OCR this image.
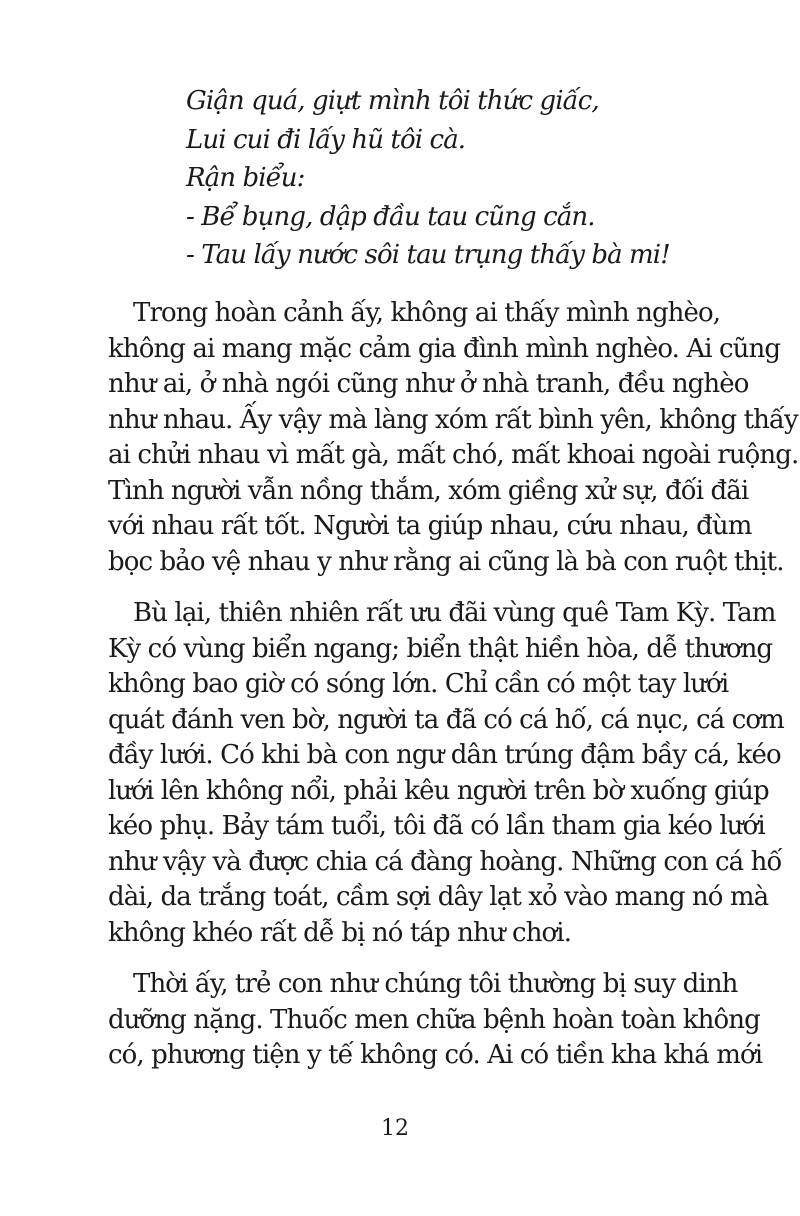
Giận quá, giựt mình tôi thức giấc,
Lui cui đi lấy hũ tôi cà.
Rận biểu:
- Bể bụng, dập đầu tau cũng cắn.
- Tau lấy nước sôi tau trụng thấy bà mi!
Trong hoàn cảnh ấy, không ai thấy mình nghèo,
không ai mang mặc cảm gia đình mình nghèo. Ai cũng
như ai, ở nhà ngói cũng như ở nhà tranh, đều nghèo
như nhau. Ấy vậy mà làng xóm rất bình yên, không thấy
ai chửi nhau vì mất gà, mất chó, mất khoai ngoài ruộng.
Tình người vẫn nồng thắm, xóm giềng xử sự, đối đãi
với nhau rất tốt. Người ta giúp nhau, cứu nhau, đùm
bọc bảo vệ nhau y như rằng ai cũng là bà con ruột thịt.
Bù lại, thiên nhiên rất ưu đãi vùng quê Tam Kỳ. Tam
Kỳ có vùng biển ngang; biển thật hiền hòa, dễ thương
không bao giờ có sóng lớn. Chỉ cần có một tay lưới
quát đánh ven bờ, người ta đã có cá hố, cá nục, cá cơm
đầy lưới. Có khi bà con ngư dân trúng đậm bầy cá, kéo
lưới lên không nổi, phải kêu người trên bờ xuống giúp
kéo phụ. Bảy tám tuổi, tôi đã có lần tham gia kéo lưới
như vậy và được chia cá đàng hoàng. Những con cá hố
dài, da trắng toát, cầm sợi dây lạt xỏ vào mang nó mà
không khéo rất dễ bị nó táp như chơi.
Thời ấy, trẻ con như chúng tôi thường bị suy dinh
dưỡng nặng. Thuốc men chữa bệnh hoàn toàn không
có, phương tiện y tế không có. Ai có tiền kha khá mới
12
